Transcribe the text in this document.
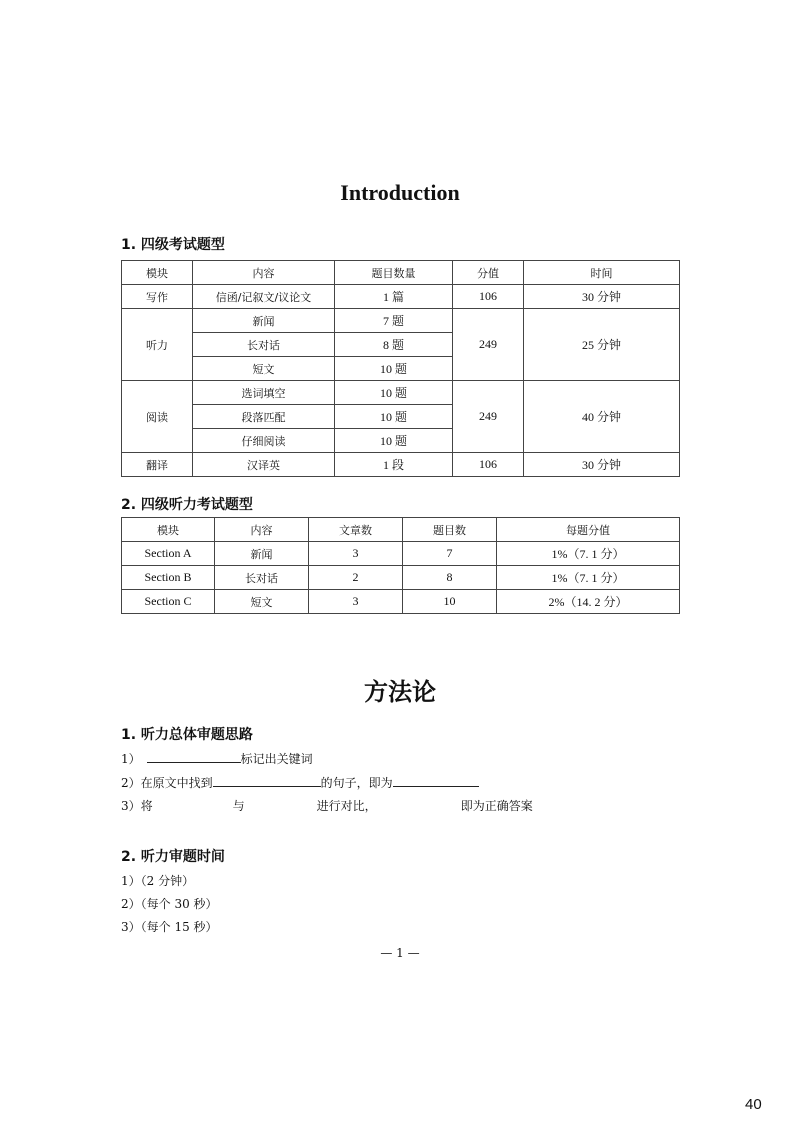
Introduction
1. 四级考试题型
模块	内容	题目数量	分值	时间
写作	信函/记叙文/议论文	1 篇	106	30 分钟
听力	新闻	7 题	249	25 分钟
	长对话	8 题		
	短文	10 题		
阅读	选词填空	10 题	249	40 分钟
	段落匹配	10 题		
	仔细阅读	10 题		
翻译	汉译英	1 段	106	30 分钟
2. 四级听力考试题型
模块	内容	文章数	题目数	每题分值
Section A	新闻	3	7	1%（7. 1 分）
Section B	长对话	2	8	1%（7. 1 分）
Section C	短文	3	10	2%（14. 2 分）
方法论
1. 听力总体审题思路
1）	标记出关键词
2）在原文中找到	的句子，即为
3）将	与	进行对比，	即为正确答案
2. 听力审题时间
1）（2 分钟）
2）（每个 30 秒）
3）（每个 15 秒）
— 1 —
40
